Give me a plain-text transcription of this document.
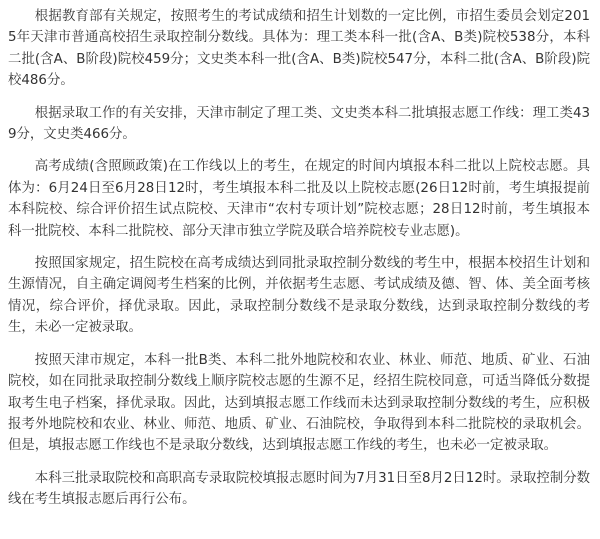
根据教育部有关规定，按照考生的考试成绩和招生计划数的一定比例，市招生委员会划定2015年天津市普通高校招生录取控制分数线。具体为：理工类本科一批(含A、B类)院校538分，本科二批(含A、B阶段)院校459分；文史类本科一批(含A、B类)院校547分，本科二批(含A、B阶段)院校486分。

根据录取工作的有关安排，天津市制定了理工类、文史类本科二批填报志愿工作线：理工类439分，文史类466分。

高考成绩(含照顾政策)在工作线以上的考生，在规定的时间内填报本科二批以上院校志愿。具体为：6月24日至6月28日12时，考生填报本科二批及以上院校志愿(26日12时前，考生填报提前本科院校、综合评价招生试点院校、天津市“农村专项计划”院校志愿；28日12时前，考生填报本科一批院校、本科二批院校、部分天津市独立学院及联合培养院校专业志愿)。

按照国家规定，招生院校在高考成绩达到同批录取控制分数线的考生中，根据本校招生计划和生源情况，自主确定调阅考生档案的比例，并依据考生志愿、考试成绩及德、智、体、美全面考核情况，综合评价，择优录取。因此，录取控制分数线不是录取分数线，达到录取控制分数线的考生，未必一定被录取。

按照天津市规定，本科一批B类、本科二批外地院校和农业、林业、师范、地质、矿业、石油院校，如在同批录取控制分数线上顺序院校志愿的生源不足，经招生院校同意，可适当降低分数提取考生电子档案，择优录取。因此，达到填报志愿工作线而未达到录取控制分数线的考生，应积极报考外地院校和农业、林业、师范、地质、矿业、石油院校，争取得到本科二批院校的录取机会。但是，填报志愿工作线也不是录取分数线，达到填报志愿工作线的考生，也未必一定被录取。

本科三批录取院校和高职高专录取院校填报志愿时间为7月31日至8月2日12时。录取控制分数线在考生填报志愿后再行公布。
